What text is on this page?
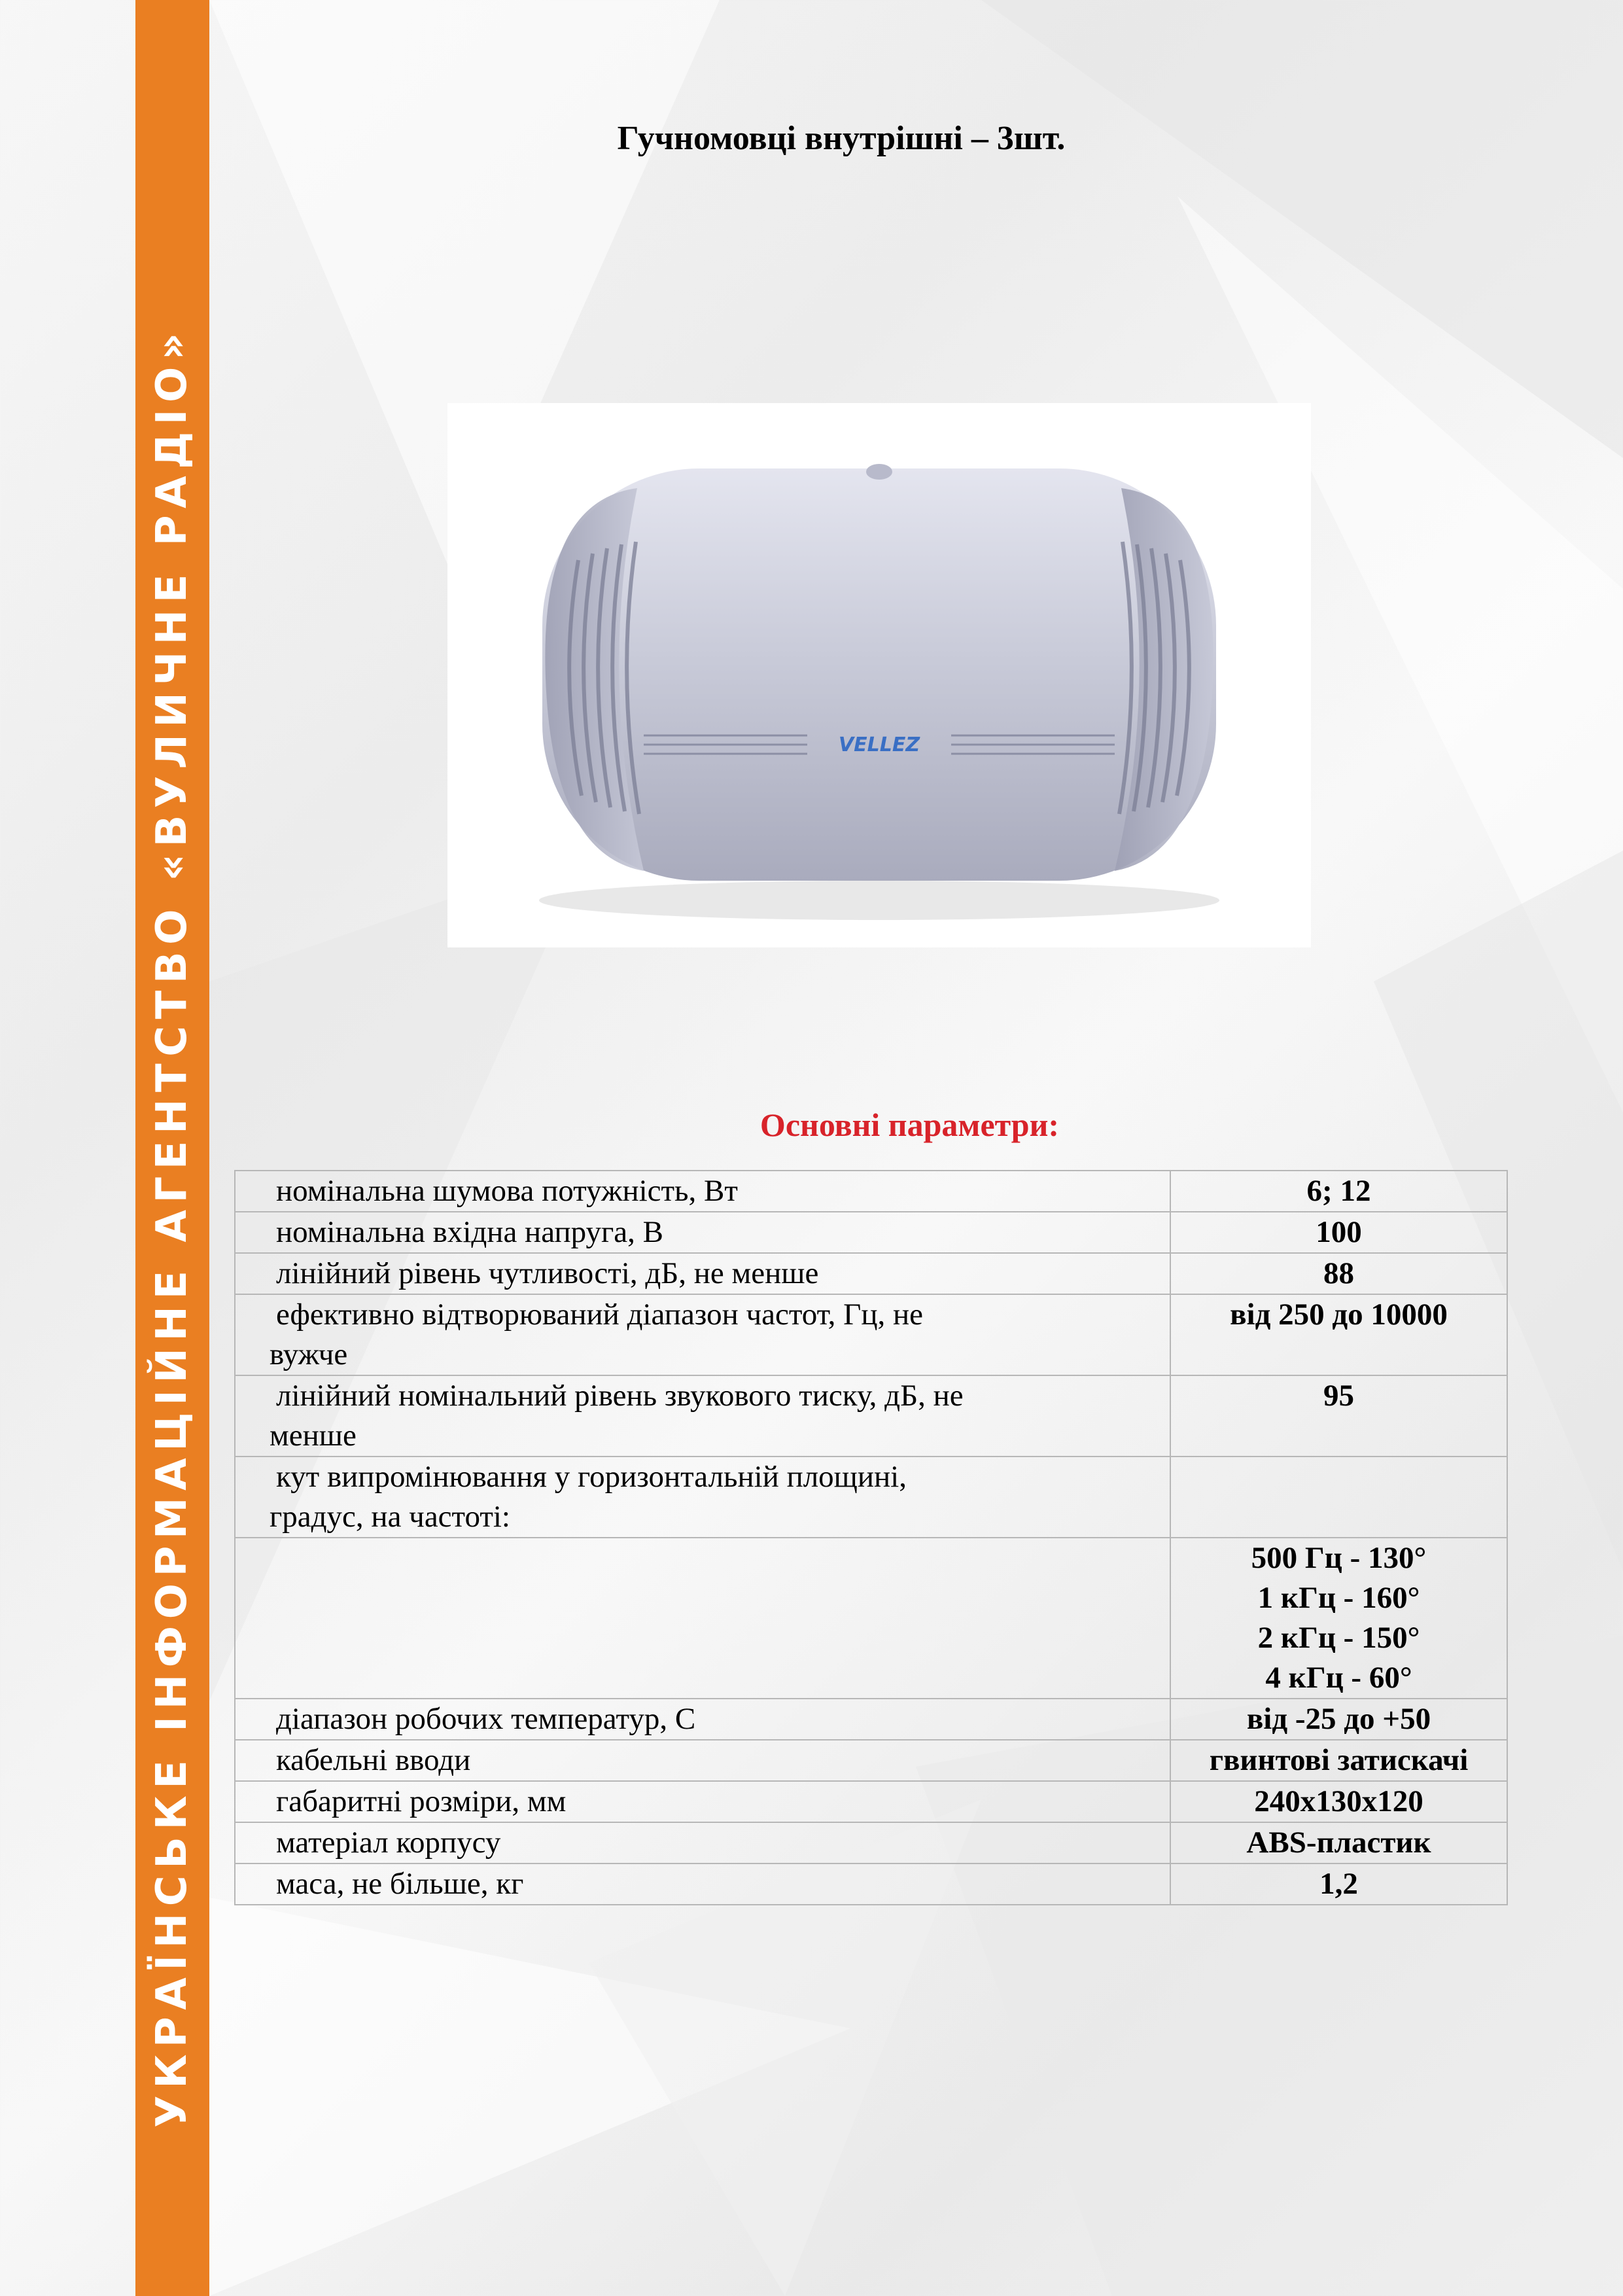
УКРАЇНСЬКЕ ІНФОРМАЦІЙНЕ АГЕНТСТВО «ВУЛИЧНЕ РАДІО»
Гучномовці внутрішні – 3шт.
VELLEZ
Основні параметри:
номінальна шумова потужність, Вт	6; 12

номінальна вхідна напруга, В	100

лінійний рівень чутливості, дБ, не менше	88

ефективно відтворюваний діапазон частот, Гц, не
вужче	від 250 до 10000

лінійний номінальний рівень звукового тиску, дБ, не
менше	95

кут випромінювання у горизонтальній площині,
градус, на частоті:	

	500 Гц - 130°
1 кГц - 160°
2 кГц - 150°
4 кГц - 60°

діапазон робочих температур, С	від -25 до +50

кабельні вводи	гвинтові затискачі

габаритні розміри, мм	240х130х120

матеріал корпусу	ABS-пластик

маса, не більше, кг	1,2
